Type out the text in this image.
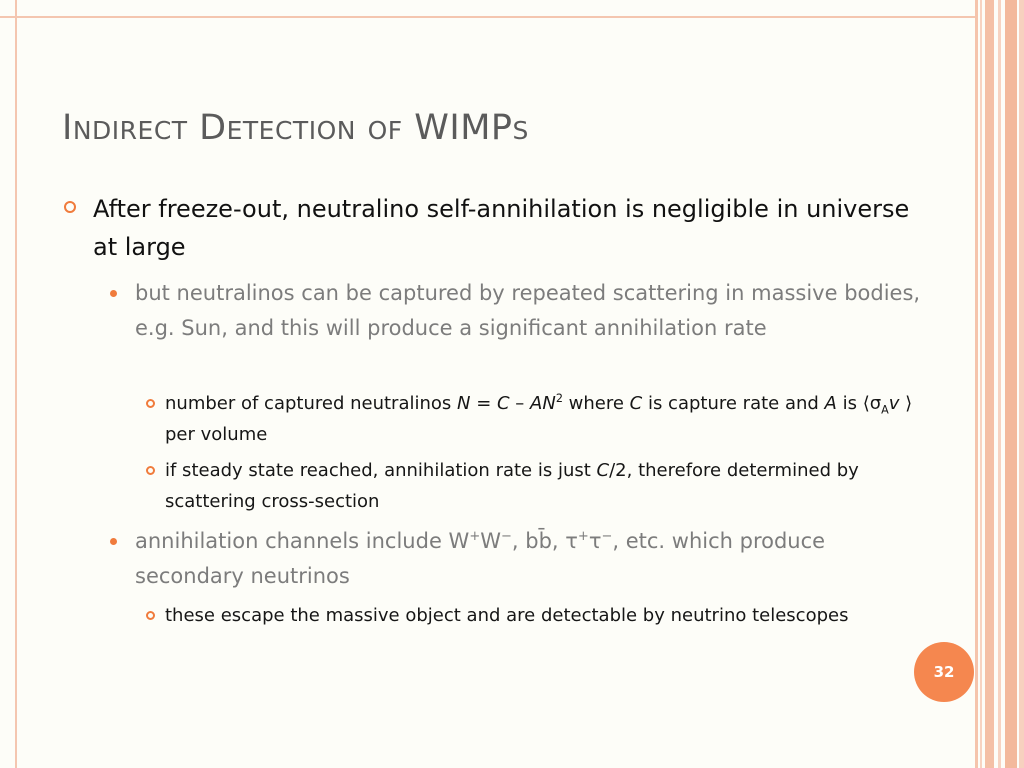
Indirect Detection of WIMPs
After freeze-out, neutralino self-annihilation is negligible in universe at large
but neutralinos can be captured by repeated scattering in massive bodies, e.g. Sun, and this will produce a significant annihilation rate
number of captured neutralinos $N = C - AN^2$ where C is capture rate and A is $⟨\sigma_Av$ ⟩ per volume
if steady state reached, annihilation rate is just C/2, therefore determined by scattering cross-section
annihilation channels include W+W−, bb̄, τ+τ−, etc. which produce secondary neutrinos
these escape the massive object and are detectable by neutrino telescopes
32
